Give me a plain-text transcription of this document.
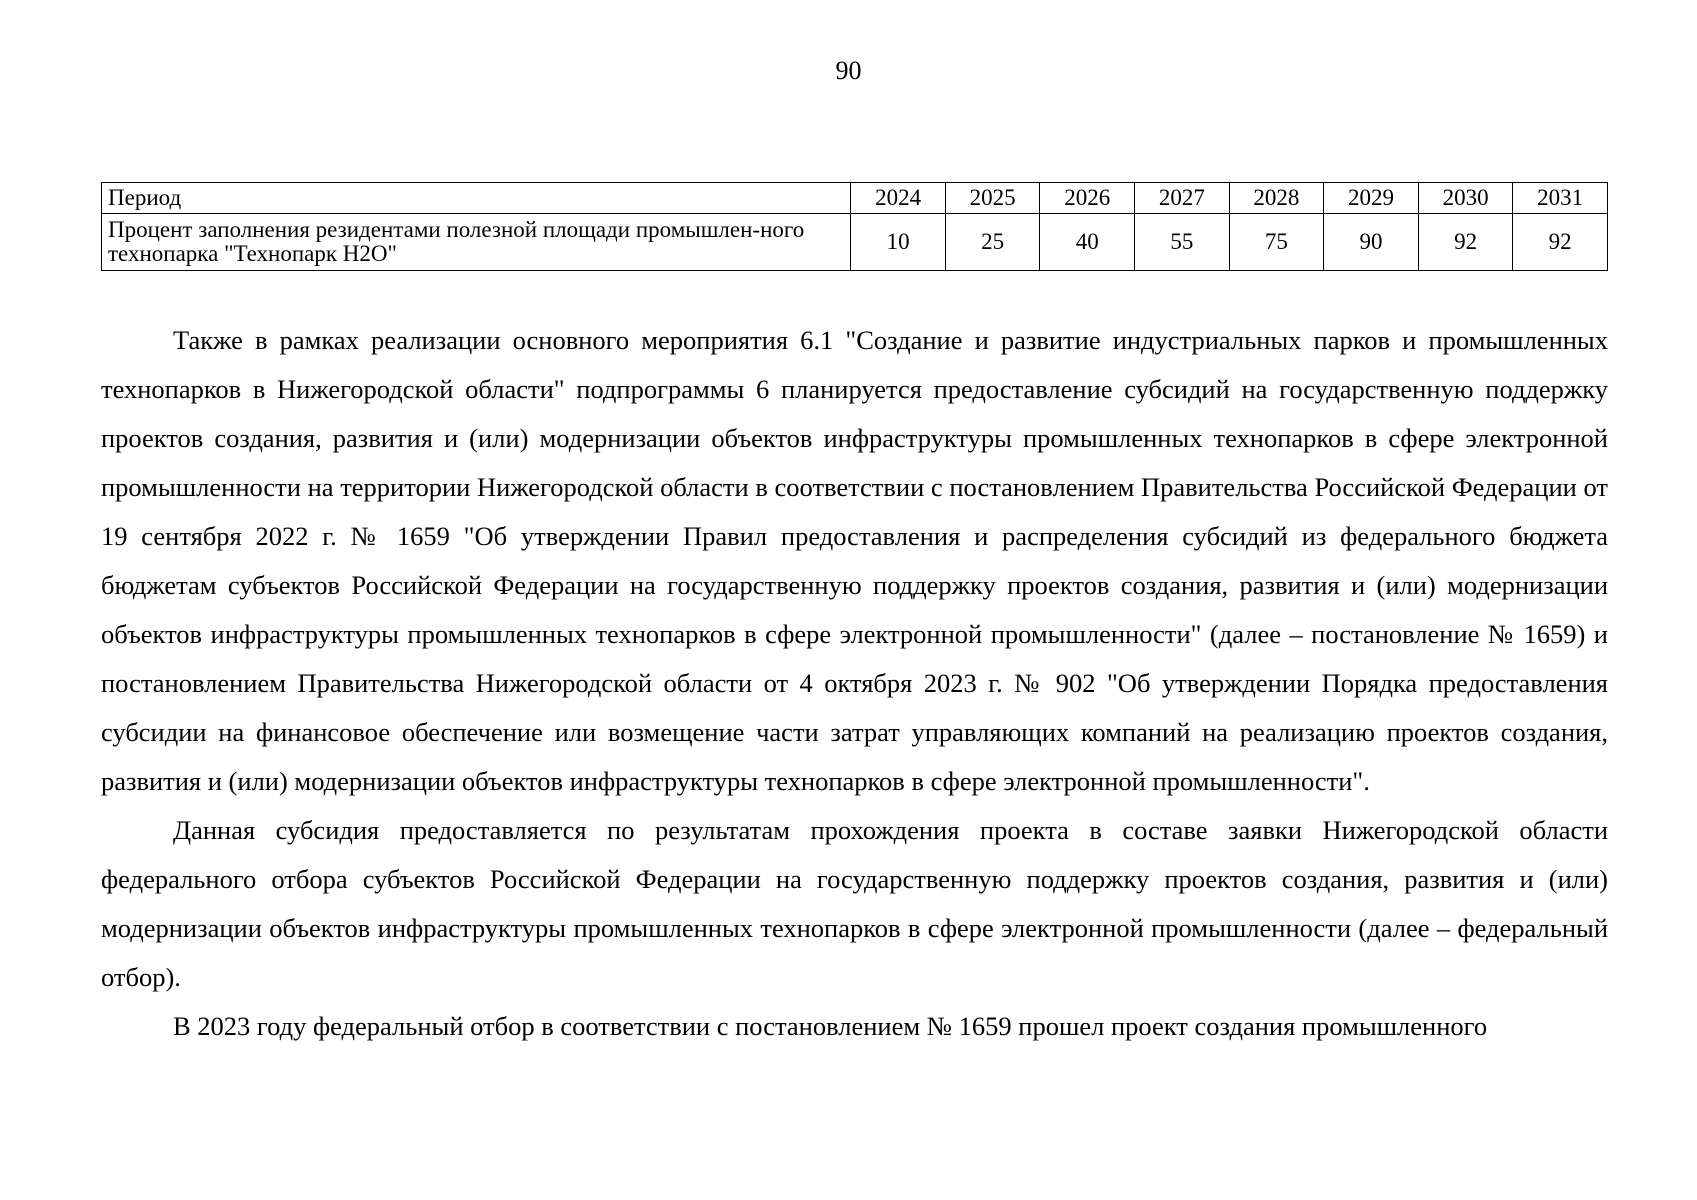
90
Период	2024	2025	2026	2027	2028	2029	2030	2031
Процент заполнения резидентами полезной площади промышлен-ного технопарка "Технопарк Н2О"	10	25	40	55	75	90	92	92

Также в рамках реализации основного мероприятия 6.1 "Создание и развитие индустриальных парков и промышленных технопарков в Нижегородской области" подпрограммы 6 планируется предоставление субсидий на государственную поддержку проектов создания, развития и (или) модернизации объектов инфраструктуры промышленных технопарков в сфере электронной промышленности на территории Нижегородской области в соответствии с постановлением Правительства Российской Федерации от 19 сентября 2022 г. № 1659 "Об утверждении Правил предоставления и распределения субсидий из федерального бюджета бюджетам субъектов Российской Федерации на государственную поддержку проектов создания, развития и (или) модернизации объектов инфраструктуры промышленных технопарков в сфере электронной промышленности" (далее – постановление № 1659) и постановлением Правительства Нижегородской области от 4 октября 2023 г. № 902 "Об утверждении Порядка предоставления субсидии на финансовое обеспечение или возмещение части затрат управляющих компаний на реализацию проектов создания, развития и (или) модернизации объектов инфраструктуры технопарков в сфере электронной промышленности".

Данная субсидия предоставляется по результатам прохождения проекта в составе заявки Нижегородской области федерального отбора субъектов Российской Федерации на государственную поддержку проектов создания, развития и (или) модернизации объектов инфраструктуры промышленных технопарков в сфере электронной промышленности (далее – федеральный отбор).

В 2023 году федеральный отбор в соответствии с постановлением № 1659 прошел проект создания промышленного
